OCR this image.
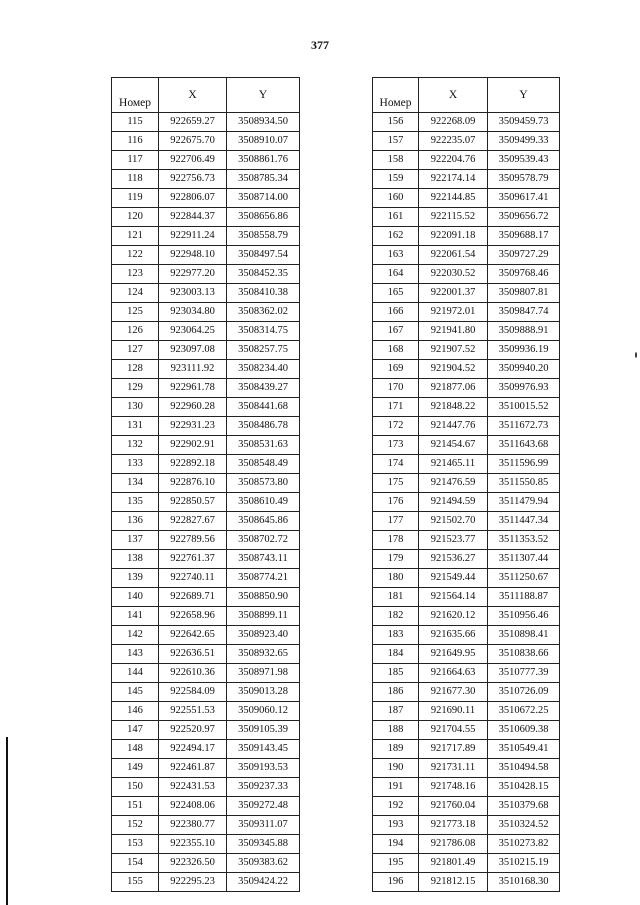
377
Номер	X	Y
115	922659.27	3508934.50
116	922675.70	3508910.07
117	922706.49	3508861.76
118	922756.73	3508785.34
119	922806.07	3508714.00
120	922844.37	3508656.86
121	922911.24	3508558.79
122	922948.10	3508497.54
123	922977.20	3508452.35
124	923003.13	3508410.38
125	923034.80	3508362.02
126	923064.25	3508314.75
127	923097.08	3508257.75
128	923111.92	3508234.40
129	922961.78	3508439.27
130	922960.28	3508441.68
131	922931.23	3508486.78
132	922902.91	3508531.63
133	922892.18	3508548.49
134	922876.10	3508573.80
135	922850.57	3508610.49
136	922827.67	3508645.86
137	922789.56	3508702.72
138	922761.37	3508743.11
139	922740.11	3508774.21
140	922689.71	3508850.90
141	922658.96	3508899.11
142	922642.65	3508923.40
143	922636.51	3508932.65
144	922610.36	3508971.98
145	922584.09	3509013.28
146	922551.53	3509060.12
147	922520.97	3509105.39
148	922494.17	3509143.45
149	922461.87	3509193.53
150	922431.53	3509237.33
151	922408.06	3509272.48
152	922380.77	3509311.07
153	922355.10	3509345.88
154	922326.50	3509383.62
155	922295.23	3509424.22
Номер	X	Y
156	922268.09	3509459.73
157	922235.07	3509499.33
158	922204.76	3509539.43
159	922174.14	3509578.79
160	922144.85	3509617.41
161	922115.52	3509656.72
162	922091.18	3509688.17
163	922061.54	3509727.29
164	922030.52	3509768.46
165	922001.37	3509807.81
166	921972.01	3509847.74
167	921941.80	3509888.91
168	921907.52	3509936.19
169	921904.52	3509940.20
170	921877.06	3509976.93
171	921848.22	3510015.52
172	921447.76	3511672.73
173	921454.67	3511643.68
174	921465.11	3511596.99
175	921476.59	3511550.85
176	921494.59	3511479.94
177	921502.70	3511447.34
178	921523.77	3511353.52
179	921536.27	3511307.44
180	921549.44	3511250.67
181	921564.14	3511188.87
182	921620.12	3510956.46
183	921635.66	3510898.41
184	921649.95	3510838.66
185	921664.63	3510777.39
186	921677.30	3510726.09
187	921690.11	3510672.25
188	921704.55	3510609.38
189	921717.89	3510549.41
190	921731.11	3510494.58
191	921748.16	3510428.15
192	921760.04	3510379.68
193	921773.18	3510324.52
194	921786.08	3510273.82
195	921801.49	3510215.19
196	921812.15	3510168.30
